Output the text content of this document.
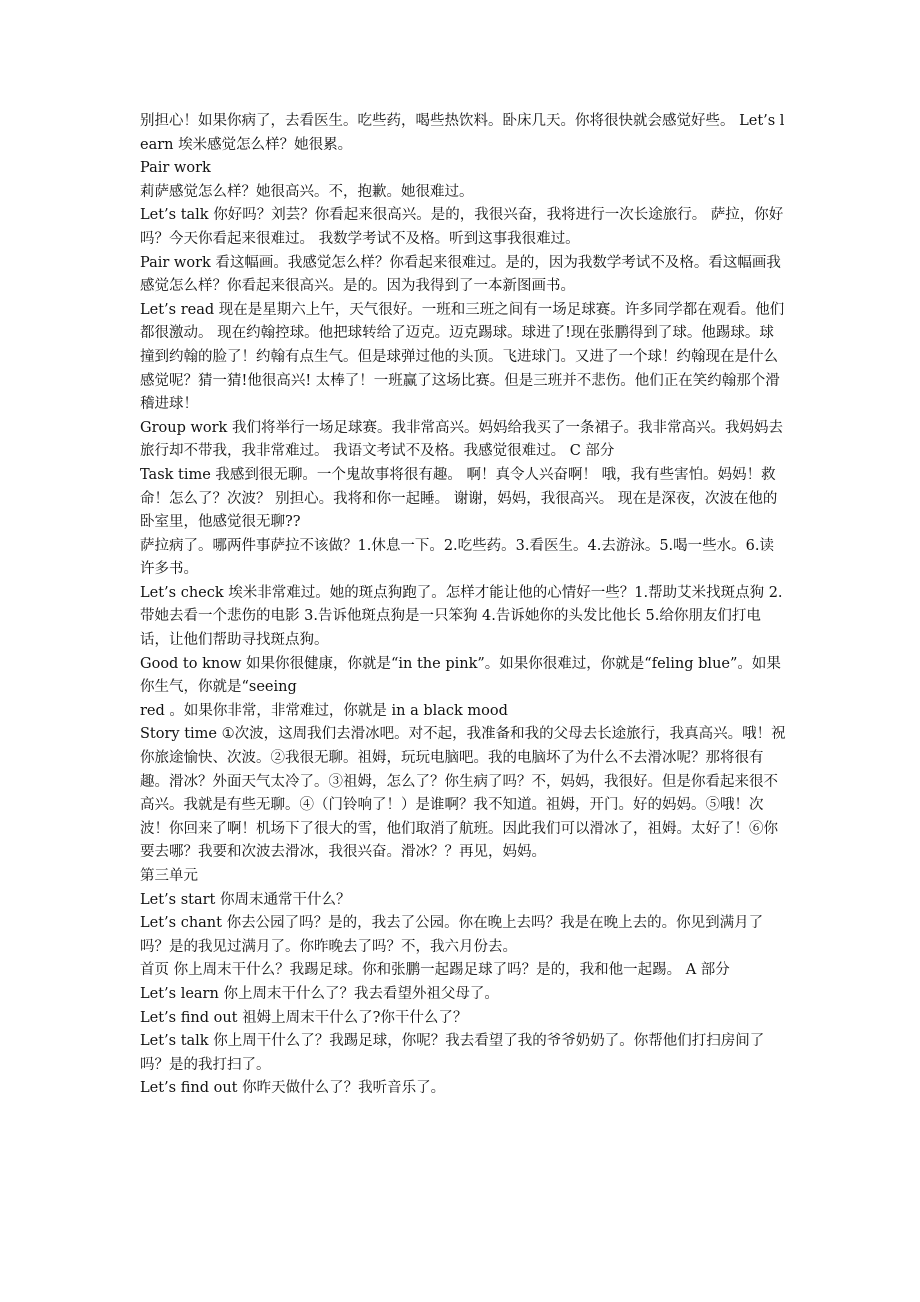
别担心！如果你病了，去看医生。吃些药，喝些热饮料。卧床几天。你将很快就会感觉好些。 Let’s learn 埃米感觉怎么样？她很累。

Pair work

莉萨感觉怎么样？她很高兴。不，抱歉。她很难过。

Let’s talk 你好吗？刘芸？你看起来很高兴。是的，我很兴奋，我将进行一次长途旅行。 萨拉，你好吗？今天你看起来很难过。 我数学考试不及格。听到这事我很难过。

Pair work 看这幅画。我感觉怎么样？你看起来很难过。是的，因为我数学考试不及格。看这幅画我感觉怎么样？你看起来很高兴。是的。因为我得到了一本新图画书。

Let’s read 现在是星期六上午，天气很好。一班和三班之间有一场足球赛。许多同学都在观看。他们都很激动。 现在约翰控球。他把球转给了迈克。迈克踢球。球进了!现在张鹏得到了球。他踢球。球撞到约翰的脸了！约翰有点生气。但是球弹过他的头顶。飞进球门。又进了一个球！约翰现在是什么感觉呢？猜一猜!他很高兴! 太棒了！一班赢了这场比赛。但是三班并不悲伤。他们正在笑约翰那个滑稽进球！

Group work 我们将举行一场足球赛。我非常高兴。妈妈给我买了一条裙子。我非常高兴。我妈妈去旅行却不带我，我非常难过。 我语文考试不及格。我感觉很难过。 C 部分

Task time 我感到很无聊。一个鬼故事将很有趣。 啊！真令人兴奋啊！ 哦，我有些害怕。妈妈！救命！怎么了？次波？ 别担心。我将和你一起睡。 谢谢，妈妈，我很高兴。 现在是深夜，次波在他的卧室里，他感觉很无聊??

萨拉病了。哪两件事萨拉不该做？1.休息一下。2.吃些药。3.看医生。4.去游泳。5.喝一些水。6.读许多书。

Let’s check 埃米非常难过。她的斑点狗跑了。怎样才能让他的心情好一些？1.帮助艾米找斑点狗 2.带她去看一个悲伤的电影 3.告诉他斑点狗是一只笨狗 4.告诉她你的头发比他长 5.给你朋友们打电话，让他们帮助寻找斑点狗。

Good to know 如果你很健康，你就是“in the pink”。如果你很难过，你就是“feling blue”。如果你生气，你就是“seeing

red 。如果你非常，非常难过，你就是 in a black mood

Story time ①次波，这周我们去滑冰吧。对不起，我准备和我的父母去长途旅行，我真高兴。哦！祝你旅途愉快、次波。②我很无聊。祖姆，玩玩电脑吧。我的电脑坏了为什么不去滑冰呢？那将很有趣。滑冰？外面天气太冷了。③祖姆，怎么了？你生病了吗？不，妈妈，我很好。但是你看起来很不高兴。我就是有些无聊。④（门铃响了！）是谁啊？我不知道。祖姆，开门。好的妈妈。⑤哦！次波！你回来了啊！机场下了很大的雪，他们取消了航班。因此我们可以滑冰了，祖姆。太好了！⑥你要去哪？我要和次波去滑冰，我很兴奋。滑冰？？再见，妈妈。

第三单元

Let’s start 你周末通常干什么？

Let’s chant 你去公园了吗？是的，我去了公园。你在晚上去吗？我是在晚上去的。你见到满月了吗？是的我见过满月了。你昨晚去了吗？不，我六月份去。

首页 你上周末干什么？我踢足球。你和张鹏一起踢足球了吗？是的，我和他一起踢。 A 部分

Let’s learn 你上周末干什么了？我去看望外祖父母了。

Let’s find out 祖姆上周末干什么了?你干什么了？

Let’s talk 你上周干什么了？我踢足球，你呢？我去看望了我的爷爷奶奶了。你帮他们打扫房间了吗？是的我打扫了。

Let’s find out 你昨天做什么了？我听音乐了。
